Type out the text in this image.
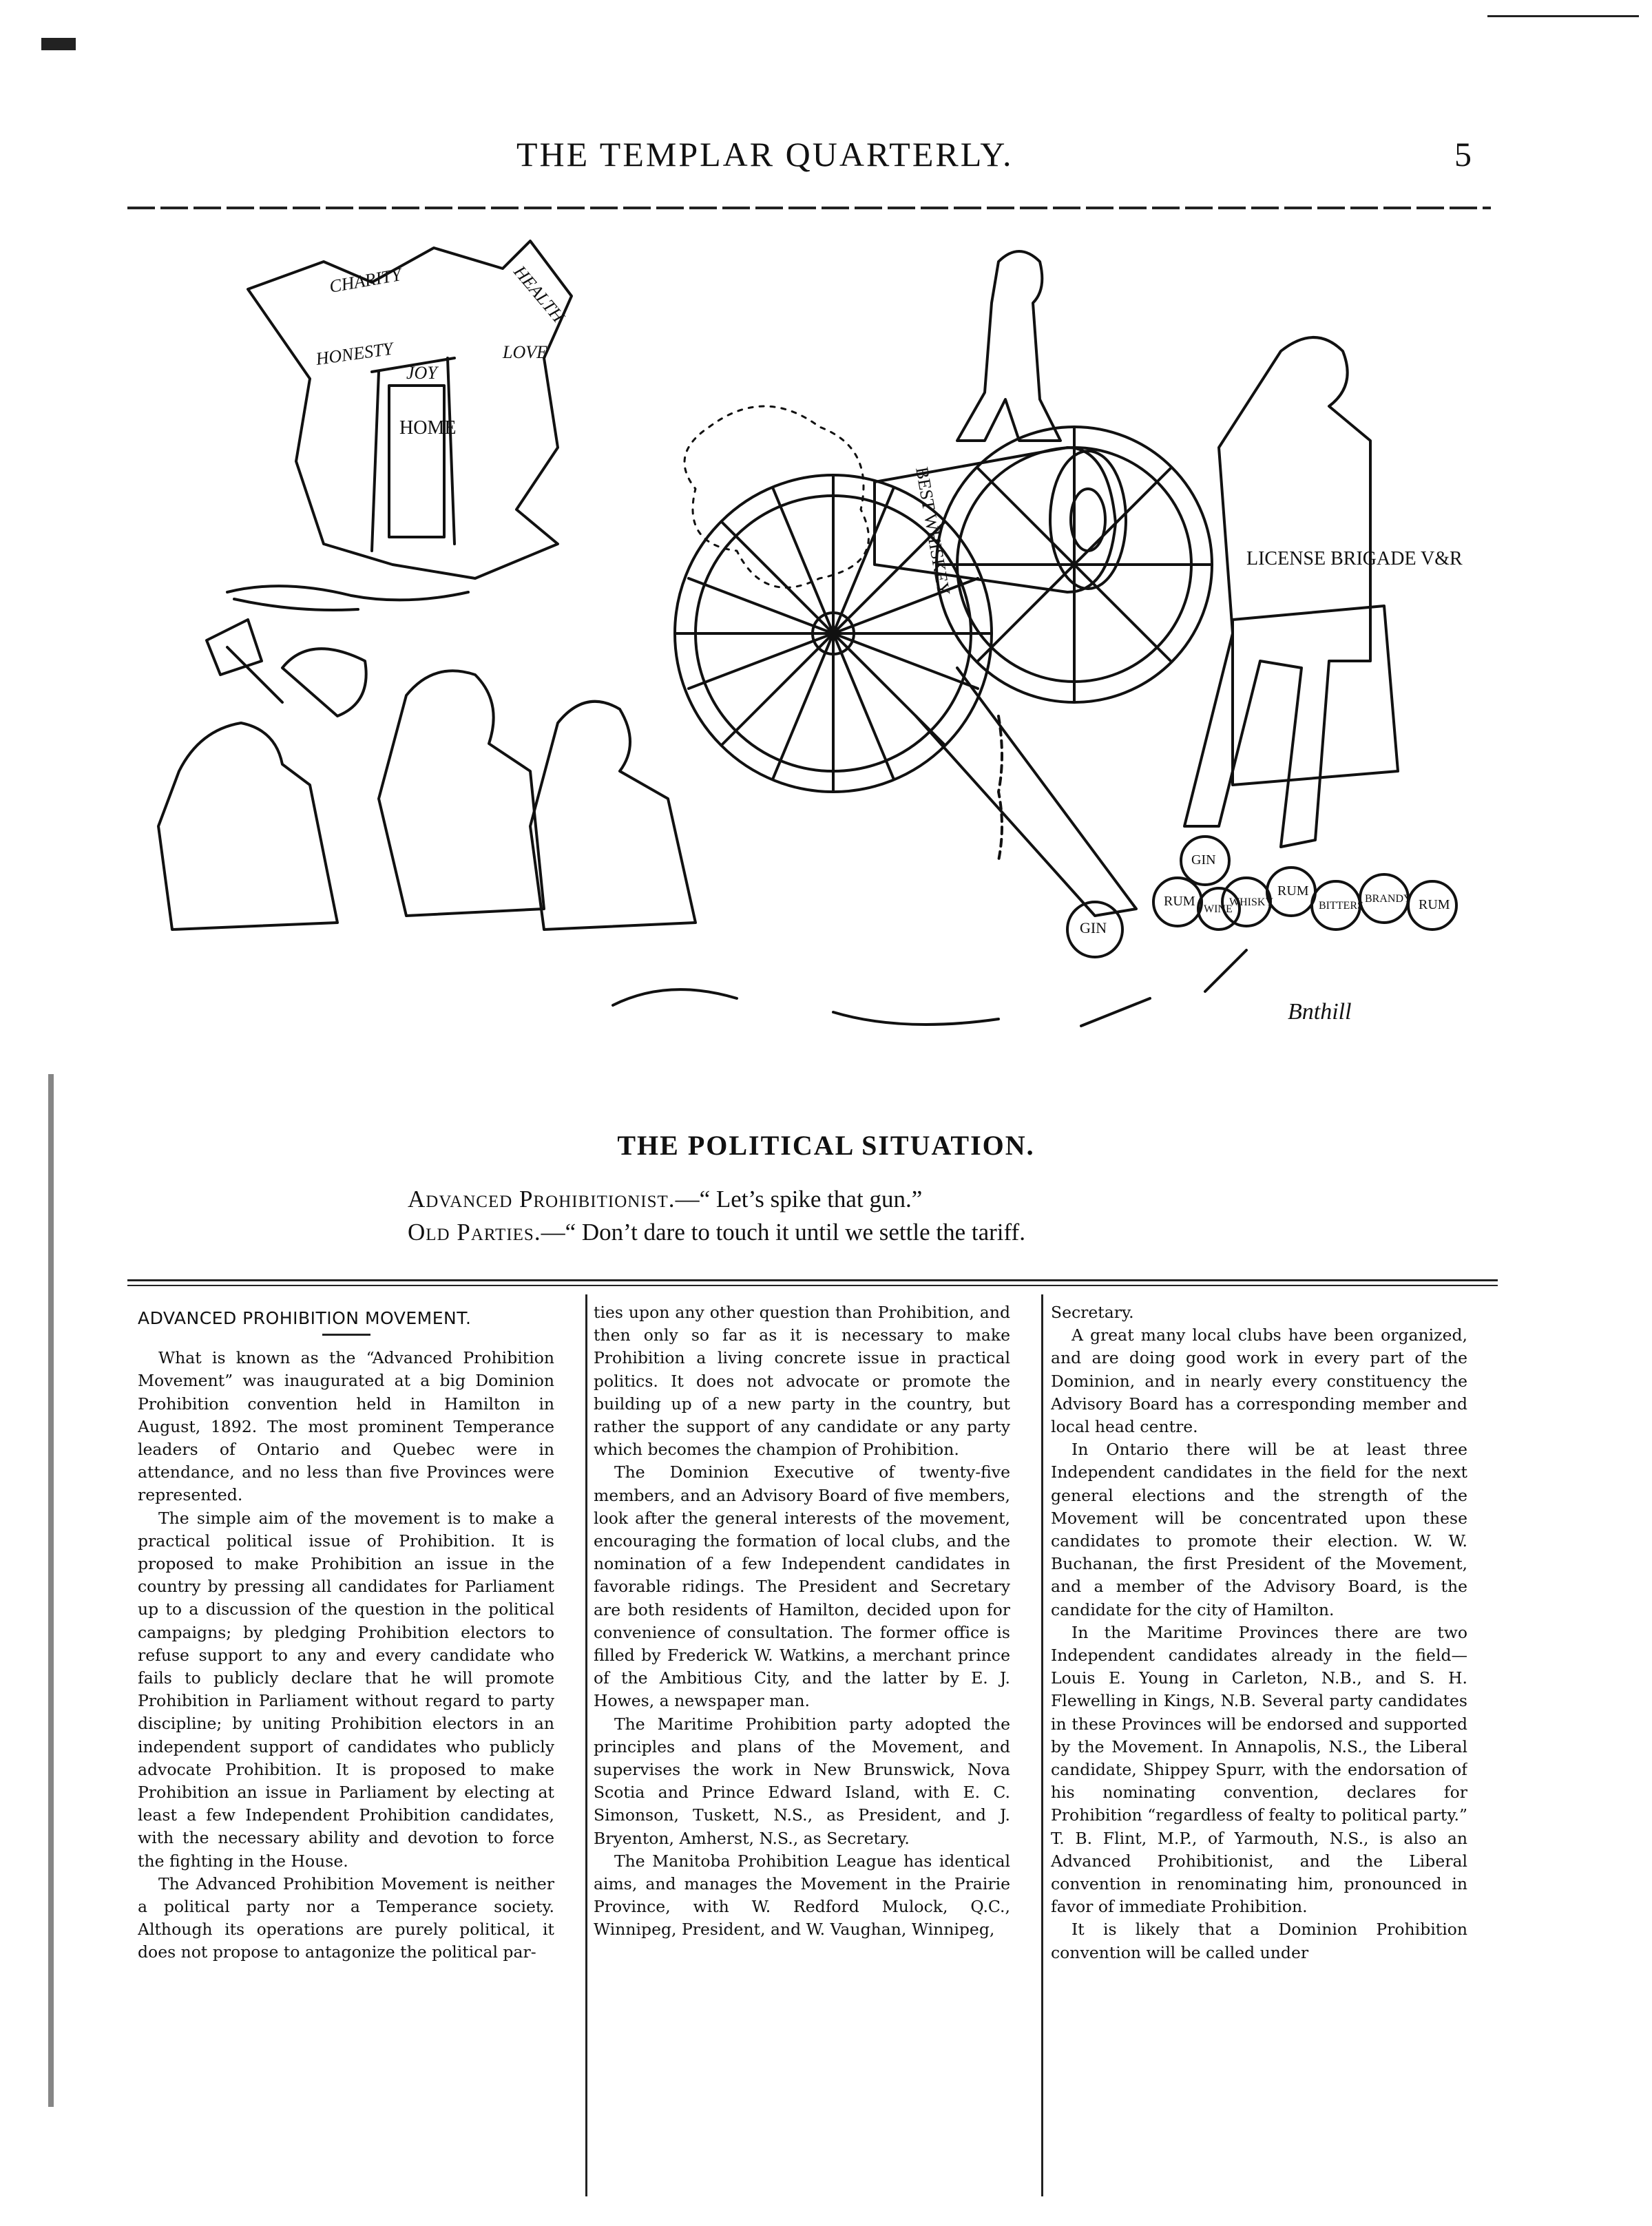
THE TEMPLAR QUARTERLY.	5
CHARITY	HEALTH
HONESTY	LOVE
JOY
HOME
BEST WHISKEY	LICENSE BRIGADE V&R
GIN
WHISKY
RUM
GIN
RUM
WINE	BITTERS
BRANDY RUM
Bnthill
THE POLITICAL SITUATION.
Advanced Prohibitionist.—“ Let’s spike that gun.”
Old Parties.—“ Don’t dare to touch it until we settle the tariff.
ADVANCED PROHIBITION MOVEMENT.

What is known as the “Advanced Prohibition Movement” was inaugurated at a big Dominion Prohibition convention held in Hamilton in August, 1892. The most prominent Temperance leaders of Ontario and Quebec were in attendance, and no less than five Provinces were represented.

The simple aim of the movement is to make a practical political issue of Prohibition. It is proposed to make Prohibition an issue in the country by pressing all candidates for Parliament up to a discussion of the question in the political campaigns; by pledging Prohibition electors to refuse support to any and every candidate who fails to publicly declare that he will promote Prohibition in Parliament without regard to party discipline; by uniting Prohibition electors in an independent support of candidates who publicly advocate Prohibition. It is proposed to make Prohibition an issue in Parliament by electing at least a few Independent Prohibition candidates, with the necessary ability and devotion to force the fighting in the House.

The Advanced Prohibition Movement is neither a political party nor a Temperance society. Although its operations are purely political, it does not propose to antagonize the political par-

ties upon any other question than Prohibition, and then only so far as it is necessary to make Prohibition a living concrete issue in practical politics. It does not advocate or promote the building up of a new party in the country, but rather the support of any candidate or any party which becomes the champion of Prohibition.

The Dominion Executive of twenty-five members, and an Advisory Board of five members, look after the general interests of the movement, encouraging the formation of local clubs, and the nomination of a few Independent candidates in favorable ridings. The President and Secretary are both residents of Hamilton, decided upon for convenience of consultation. The former office is filled by Frederick W. Watkins, a merchant prince of the Ambitious City, and the latter by E. J. Howes, a newspaper man.

The Maritime Prohibition party adopted the principles and plans of the Movement, and supervises the work in New Brunswick, Nova Scotia and Prince Edward Island, with E. C. Simonson, Tuskett, N.S., as President, and J. Bryenton, Amherst, N.S., as Secretary.

The Manitoba Prohibition League has identical aims, and manages the Movement in the Prairie Province, with W. Redford Mulock, Q.C., Winnipeg, President, and W. Vaughan, Winnipeg,

Secretary.

A great many local clubs have been organized, and are doing good work in every part of the Dominion, and in nearly every constituency the Advisory Board has a corresponding member and local head centre.

In Ontario there will be at least three Independent candidates in the field for the next general elections and the strength of the Movement will be concentrated upon these candidates to promote their election. W. W. Buchanan, the first President of the Movement, and a member of the Advisory Board, is the candidate for the city of Hamilton.

In the Maritime Provinces there are two Independent candidates already in the field—Louis E. Young in Carleton, N.B., and S. H. Flewelling in Kings, N.B. Several party candidates in these Provinces will be endorsed and supported by the Movement. In Annapolis, N.S., the Liberal candidate, Shippey Spurr, with the endorsation of his nominating convention, declares for Prohibition “regardless of fealty to political party.” T. B. Flint, M.P., of Yarmouth, N.S., is also an Advanced Prohibitionist, and the Liberal convention in renominating him, pronounced in favor of immediate Prohibition.

It is likely that a Dominion Prohibition convention will be called under
